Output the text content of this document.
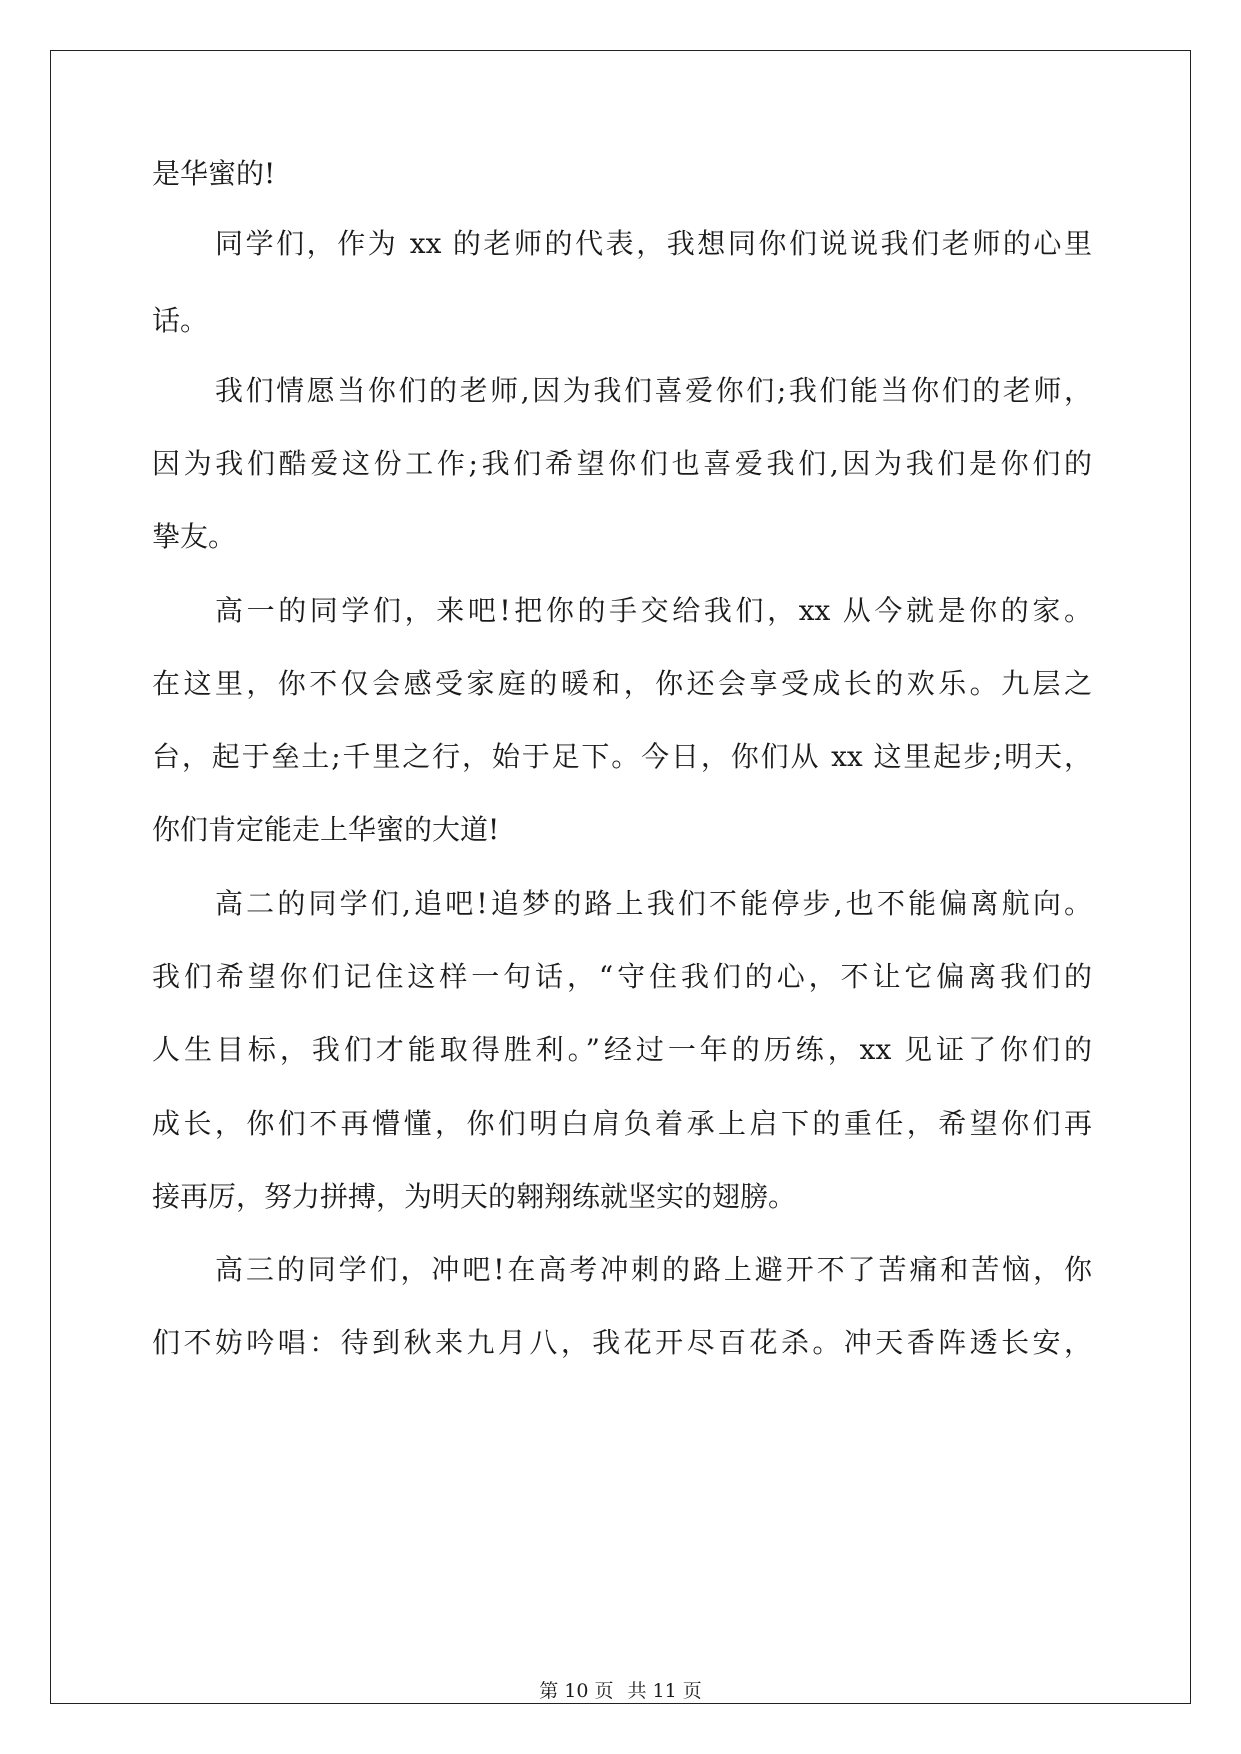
是华蜜的!
同学们，作为 xx 的老师的代表，我想同你们说说我们老师的心里
话。
我们情愿当你们的老师,因为我们喜爱你们;我们能当你们的老师，
因为我们酷爱这份工作;我们希望你们也喜爱我们,因为我们是你们的
挚友。
高一的同学们，来吧!把你的手交给我们，xx 从今就是你的家。
在这里，你不仅会感受家庭的暖和，你还会享受成长的欢乐。九层之
台，起于垒土;千里之行，始于足下。今日，你们从 xx 这里起步;明天，
你们肯定能走上华蜜的大道!
高二的同学们,追吧!追梦的路上我们不能停步,也不能偏离航向。
我们希望你们记住这样一句话，“守住我们的心，不让它偏离我们的
人生目标，我们才能取得胜利。”经过一年的历练，xx 见证了你们的
成长，你们不再懵懂，你们明白肩负着承上启下的重任，希望你们再
接再厉，努力拼搏，为明天的翱翔练就坚实的翅膀。
高三的同学们，冲吧!在高考冲刺的路上避开不了苦痛和苦恼，你
们不妨吟唱：待到秋来九月八，我花开尽百花杀。冲天香阵透长安，
第 10 页 共 11 页
